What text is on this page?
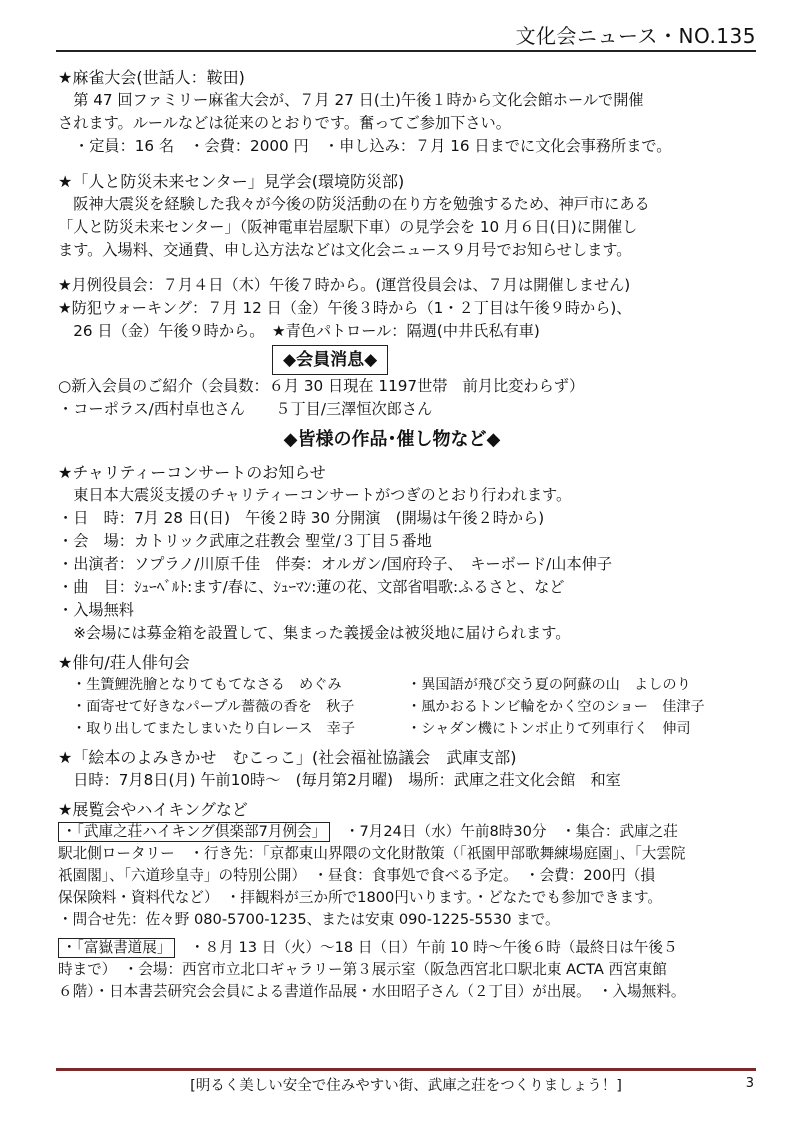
文化会ニュース・NO.135
★麻雀大会(世話人：鞍田)
　第 47 回ファミリー麻雀大会が、７月 27 日(土)午後１時から文化会館ホールで開催
されます。ルールなどは従来のとおりです。奮ってご参加下さい。
・定員：16 名　・会費：2000 円　・申し込み：７月 16 日までに文化会事務所まで。
★「人と防災未来センター」見学会(環境防災部)
　阪神大震災を経験した我々が今後の防災活動の在り方を勉強するため、神戸市にある
「人と防災未来センター」（阪神電車岩屋駅下車）の見学会を 10 月６日(日)に開催し
ます。入場料、交通費、申し込方法などは文化会ニュース９月号でお知らせします。
★月例役員会：７月４日（木）午後７時から。(運営役員会は、７月は開催しません)
★防犯ウォーキング：７月 12 日（金）午後３時から（1・２丁目は午後９時から)、
　26 日（金）午後９時から。　★青色パトロール：隔週(中井氏私有車)
◆会員消息◆
○新入会員のご紹介（会員数：６月 30 日現在 1197世帯　前月比変わらず）
・コーポラス/西村卓也さん　　５丁目/三澤恒次郎さん
◆皆様の作品･催し物など◆
★チャリティーコンサートのお知らせ
　東日本大震災支援のチャリティーコンサートがつぎのとおり行われます。
・日　時：7月 28 日(日)　午後２時 30 分開演　(開場は午後２時から)
・会　場：カトリック武庫之荘教会 聖堂/３丁目５番地
・出演者：ソプラノ/川原千佳　伴奏：オルガン/国府玲子、　キーボード/山本伸子
・曲　目：ｼｭｰﾍﾞﾙﾄ:ます/春に、ｼｭｰﾏﾝ:蓮の花、文部省唱歌:ふるさと、など
・入場無料
　※会場には募金箱を設置して、集まった義援金は被災地に届けられます。
★俳句/荘人俳句会
・生簀鯉洗膾となりてもてなさる　めぐみ	・異国語が飛び交う夏の阿蘇の山　よしのり
・面寄せて好きなパープル薔薇の香を　秋子	・風かおるトンビ輪をかく空のショー　佳津子
・取り出してまたしまいたり白レース　幸子	・シャダン機にトンボ止りて列車行く　伸司
★「絵本のよみきかせ　むこっこ」(社会福祉協議会　武庫支部)
　日時：7月8日(月) 午前10時～　(毎月第2月曜)　場所：武庫之荘文化会館　和室
★展覧会やハイキングなど
・「武庫之荘ハイキング倶楽部7月例会」　・7月24日（水）午前8時30分　・集合：武庫之荘
駅北側ロータリー　・行き先：「京都東山界隈の文化財散策（「祇園甲部歌舞練場庭園」、「大雲院
祇園閣」、「六道珍皇寺」の特別公開）　・昼食：食事処で食べる予定。　・会費：200円（損
保保険料・資料代など）　・拝観料が三か所で1800円いります。・どなたでも参加できます。
・問合せ先：佐々野 080-5700-1235、または安東 090-1225-5530 まで。
・「富嶽書道展」　・８月 13 日（火）～18 日（日）午前 10 時～午後６時（最終日は午後５
時まで）　・会場：西宮市立北口ギャラリー第３展示室（阪急西宮北口駅北東 ACTA 西宮東館
６階）・日本書芸研究会会員による書道作品展・水田昭子さん（２丁目）が出展。　・入場無料。
[明るく美しい安全で住みやすい街、武庫之荘をつくりましょう！]	3
